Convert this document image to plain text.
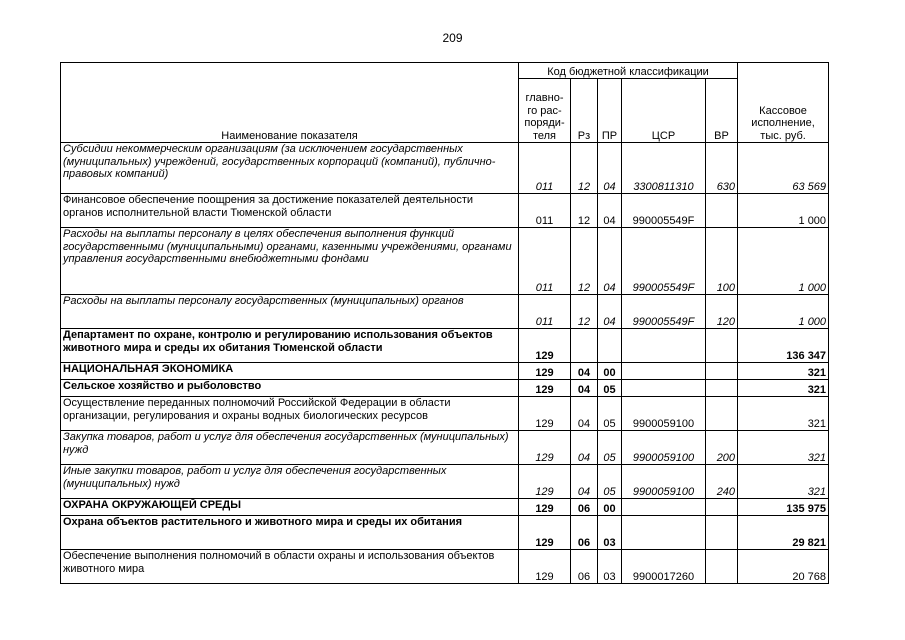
209
Наименование показателя	Код бюджетной классификации					Кассовое исполнение, тыс. руб.
	главно-го рас-поряди-теля	Рз	ПР	ЦСР	ВР	
Субсидии некоммерческим организациям (за исключением государственных (муниципальных) учреждений, государственных корпораций (компаний), публично-правовых компаний)	011	12	04	3300811310	630	63 569
Финансовое обеспечение поощрения за достижение показателей деятельности органов исполнительной власти Тюменской области	011	12	04	990005549F		1 000
Расходы на выплаты персоналу в целях обеспечения выполнения функций государственными (муниципальными) органами, казенными учреждениями, органами управления государственными внебюджетными фондами	011	12	04	990005549F	100	1 000
Расходы на выплаты персоналу государственных (муниципальных) органов	011	12	04	990005549F	120	1 000
Департамент по охране, контролю и регулированию использования объектов животного мира и среды их обитания Тюменской области	129					136 347
НАЦИОНАЛЬНАЯ ЭКОНОМИКА	129	04	00			321
Сельское хозяйство и рыболовство	129	04	05			321
Осуществление переданных полномочий Российской Федерации в области организации, регулирования и охраны водных биологических ресурсов	129	04	05	9900059100		321
Закупка товаров, работ и услуг для обеспечения государственных (муниципальных) нужд	129	04	05	9900059100	200	321
Иные закупки товаров, работ и услуг для обеспечения государственных (муниципальных) нужд	129	04	05	9900059100	240	321
ОХРАНА ОКРУЖАЮЩЕЙ СРЕДЫ	129	06	00			135 975
Охрана объектов растительного и животного мира и среды их обитания	129	06	03			29 821
Обеспечение выполнения полномочий в области охраны и использования объектов животного мира	129	06	03	9900017260		20 768
